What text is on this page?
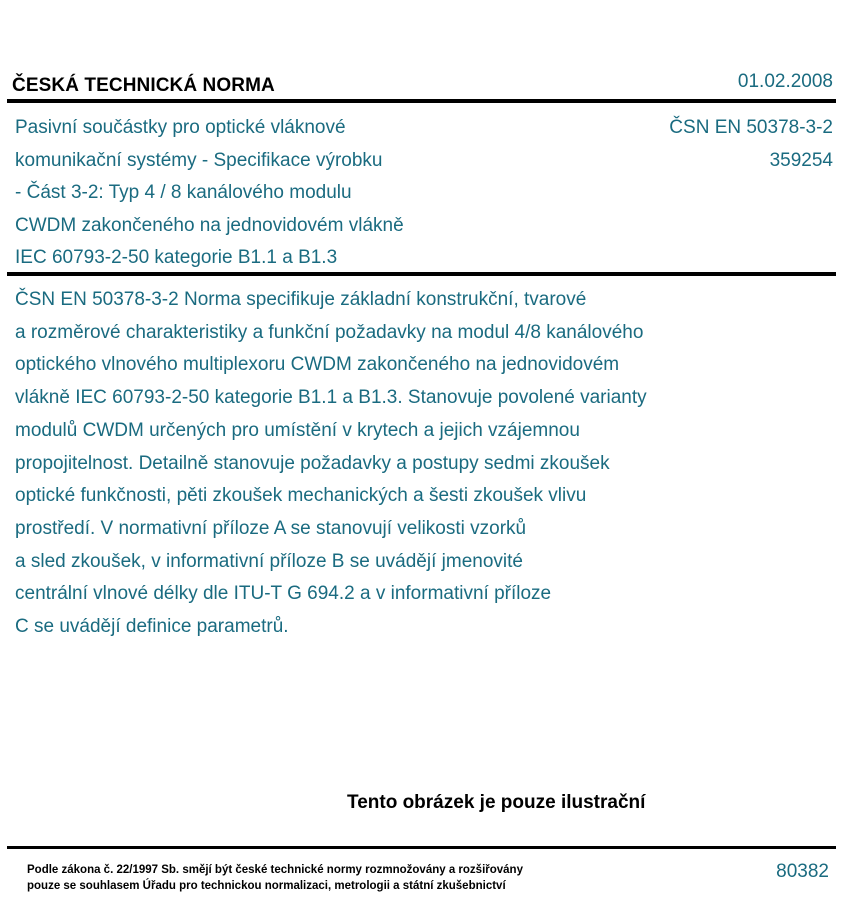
ČESKÁ TECHNICKÁ NORMA	01.02.2008
Pasivní součástky pro optické vláknové
komunikační systémy - Specifikace výrobku
- Část 3-2: Typ 4 / 8 kanálového modulu
CWDM zakončeného na jednovidovém vlákně
IEC 60793-2-50 kategorie B1.1 a B1.3
ČSN EN 50378-3-2
359254
ČSN EN 50378-3-2 Norma specifikuje základní konstrukční, tvarové
a rozměrové charakteristiky a funkční požadavky na modul 4/8 kanálového
optického vlnového multiplexoru CWDM zakončeného na jednovidovém
vlákně IEC 60793-2-50 kategorie B1.1 a B1.3. Stanovuje povolené varianty
modulů CWDM určených pro umístění v krytech a jejich vzájemnou
propojitelnost. Detailně stanovuje požadavky a postupy sedmi zkoušek
optické funkčnosti, pěti zkoušek mechanických a šesti zkoušek vlivu
prostředí. V normativní příloze A se stanovují velikosti vzorků
a sled zkoušek, v informativní příloze B se uvádějí jmenovité
centrální vlnové délky dle ITU-T G 694.2 a v informativní příloze
C se uvádějí definice parametrů.
Tento obrázek je pouze ilustrační
Podle zákona č. 22/1997 Sb. smějí být české technické normy rozmnožovány a rozšiřovány
pouze se souhlasem Úřadu pro technickou normalizaci, metrologii a státní zkušebnictví
80382
